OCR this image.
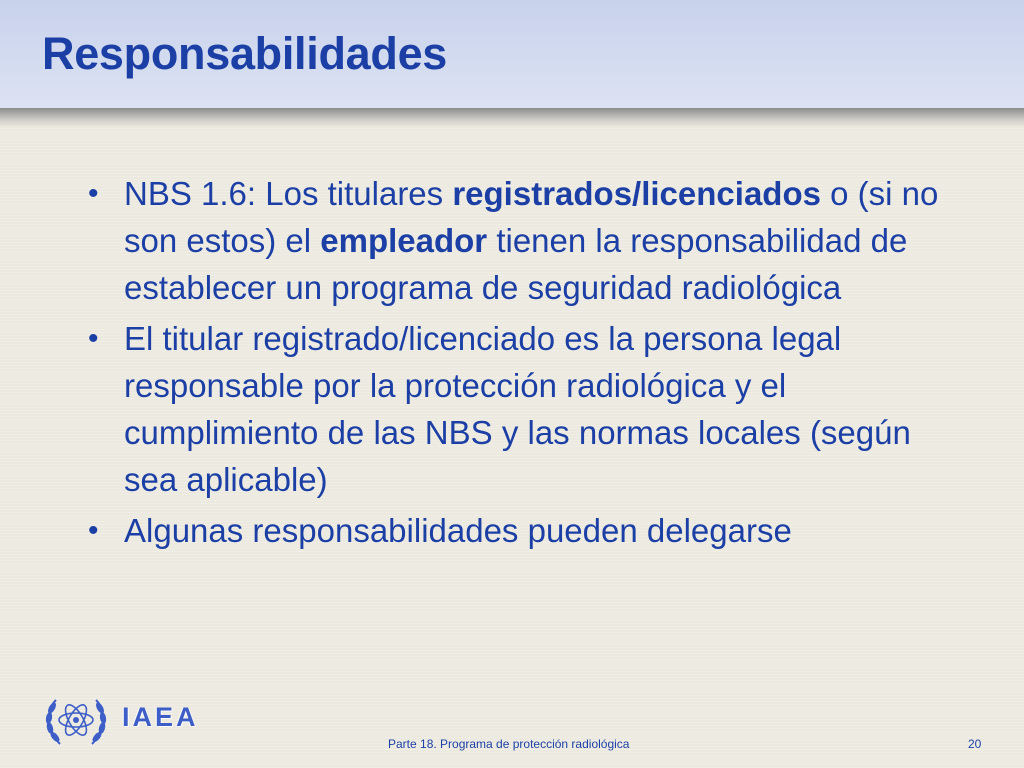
Responsabilidades
• NBS 1.6: Los titulares registrados/licenciados o (si no son estos) el empleador tienen la responsabilidad de establecer un programa de seguridad radiológica
• El titular registrado/licenciado es la persona legal responsable por la protección radiológica y el cumplimiento de las NBS y las normas locales (según sea aplicable)
• Algunas responsabilidades pueden delegarse
IAEA
Parte 18. Programa de protección radiológica	20
